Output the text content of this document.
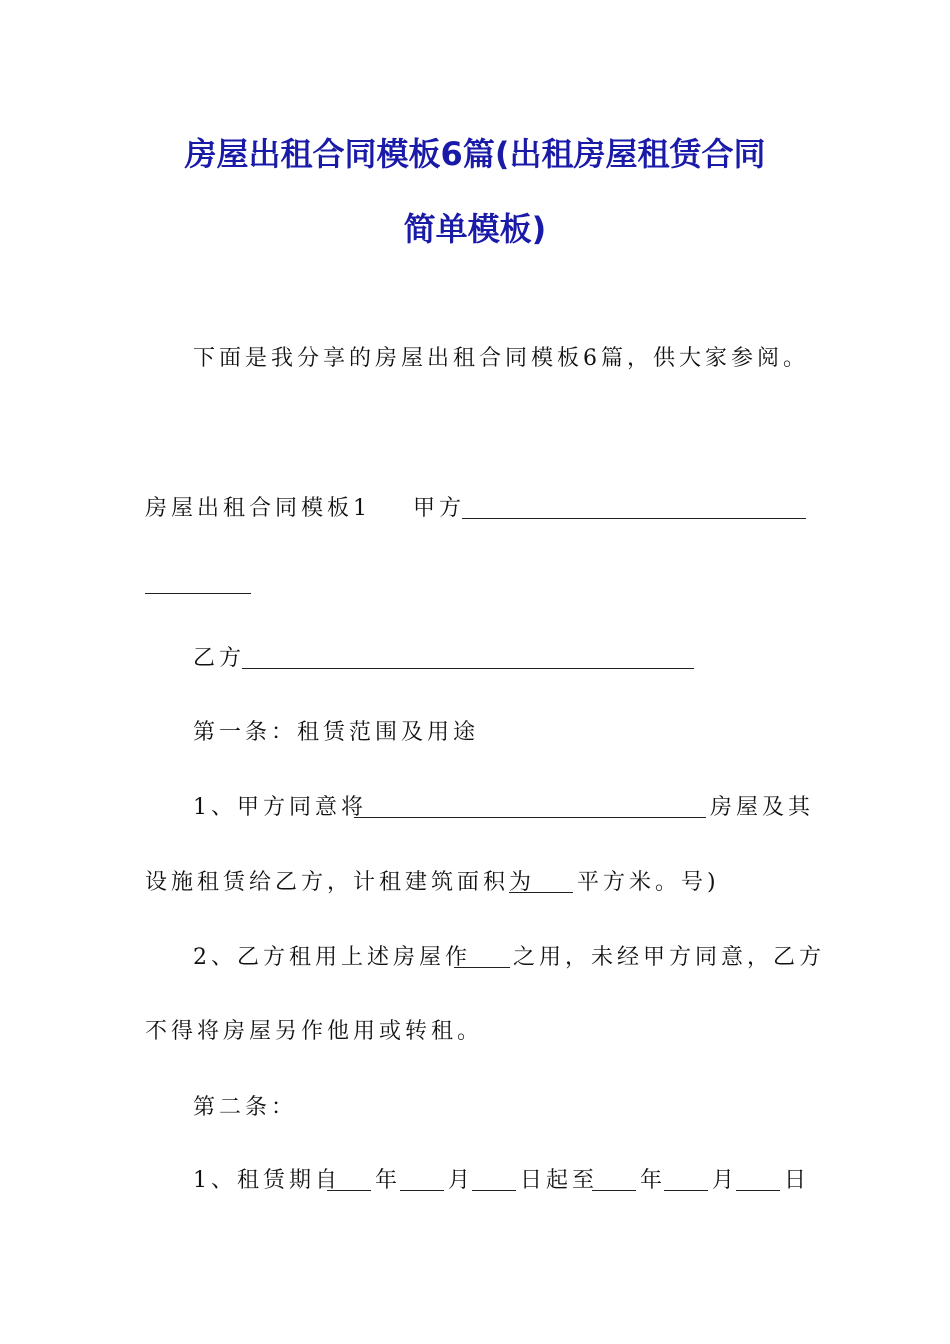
房屋出租合同模板6篇(出租房屋租赁合同
简单模板)
下面是我分享的房屋出租合同模板6篇，供大家参阅。
房屋出租合同模板1 甲方
乙方
第一条：租赁范围及用途
1、甲方同意将	房屋及其
设施租赁给乙方，计租建筑面积为 平方米。号)
2、乙方租用上述房屋作 之用，未经甲方同意，乙方
不得将房屋另作他用或转租。
第二条：
1、租赁期自 年 月 日起至 年 月 日
